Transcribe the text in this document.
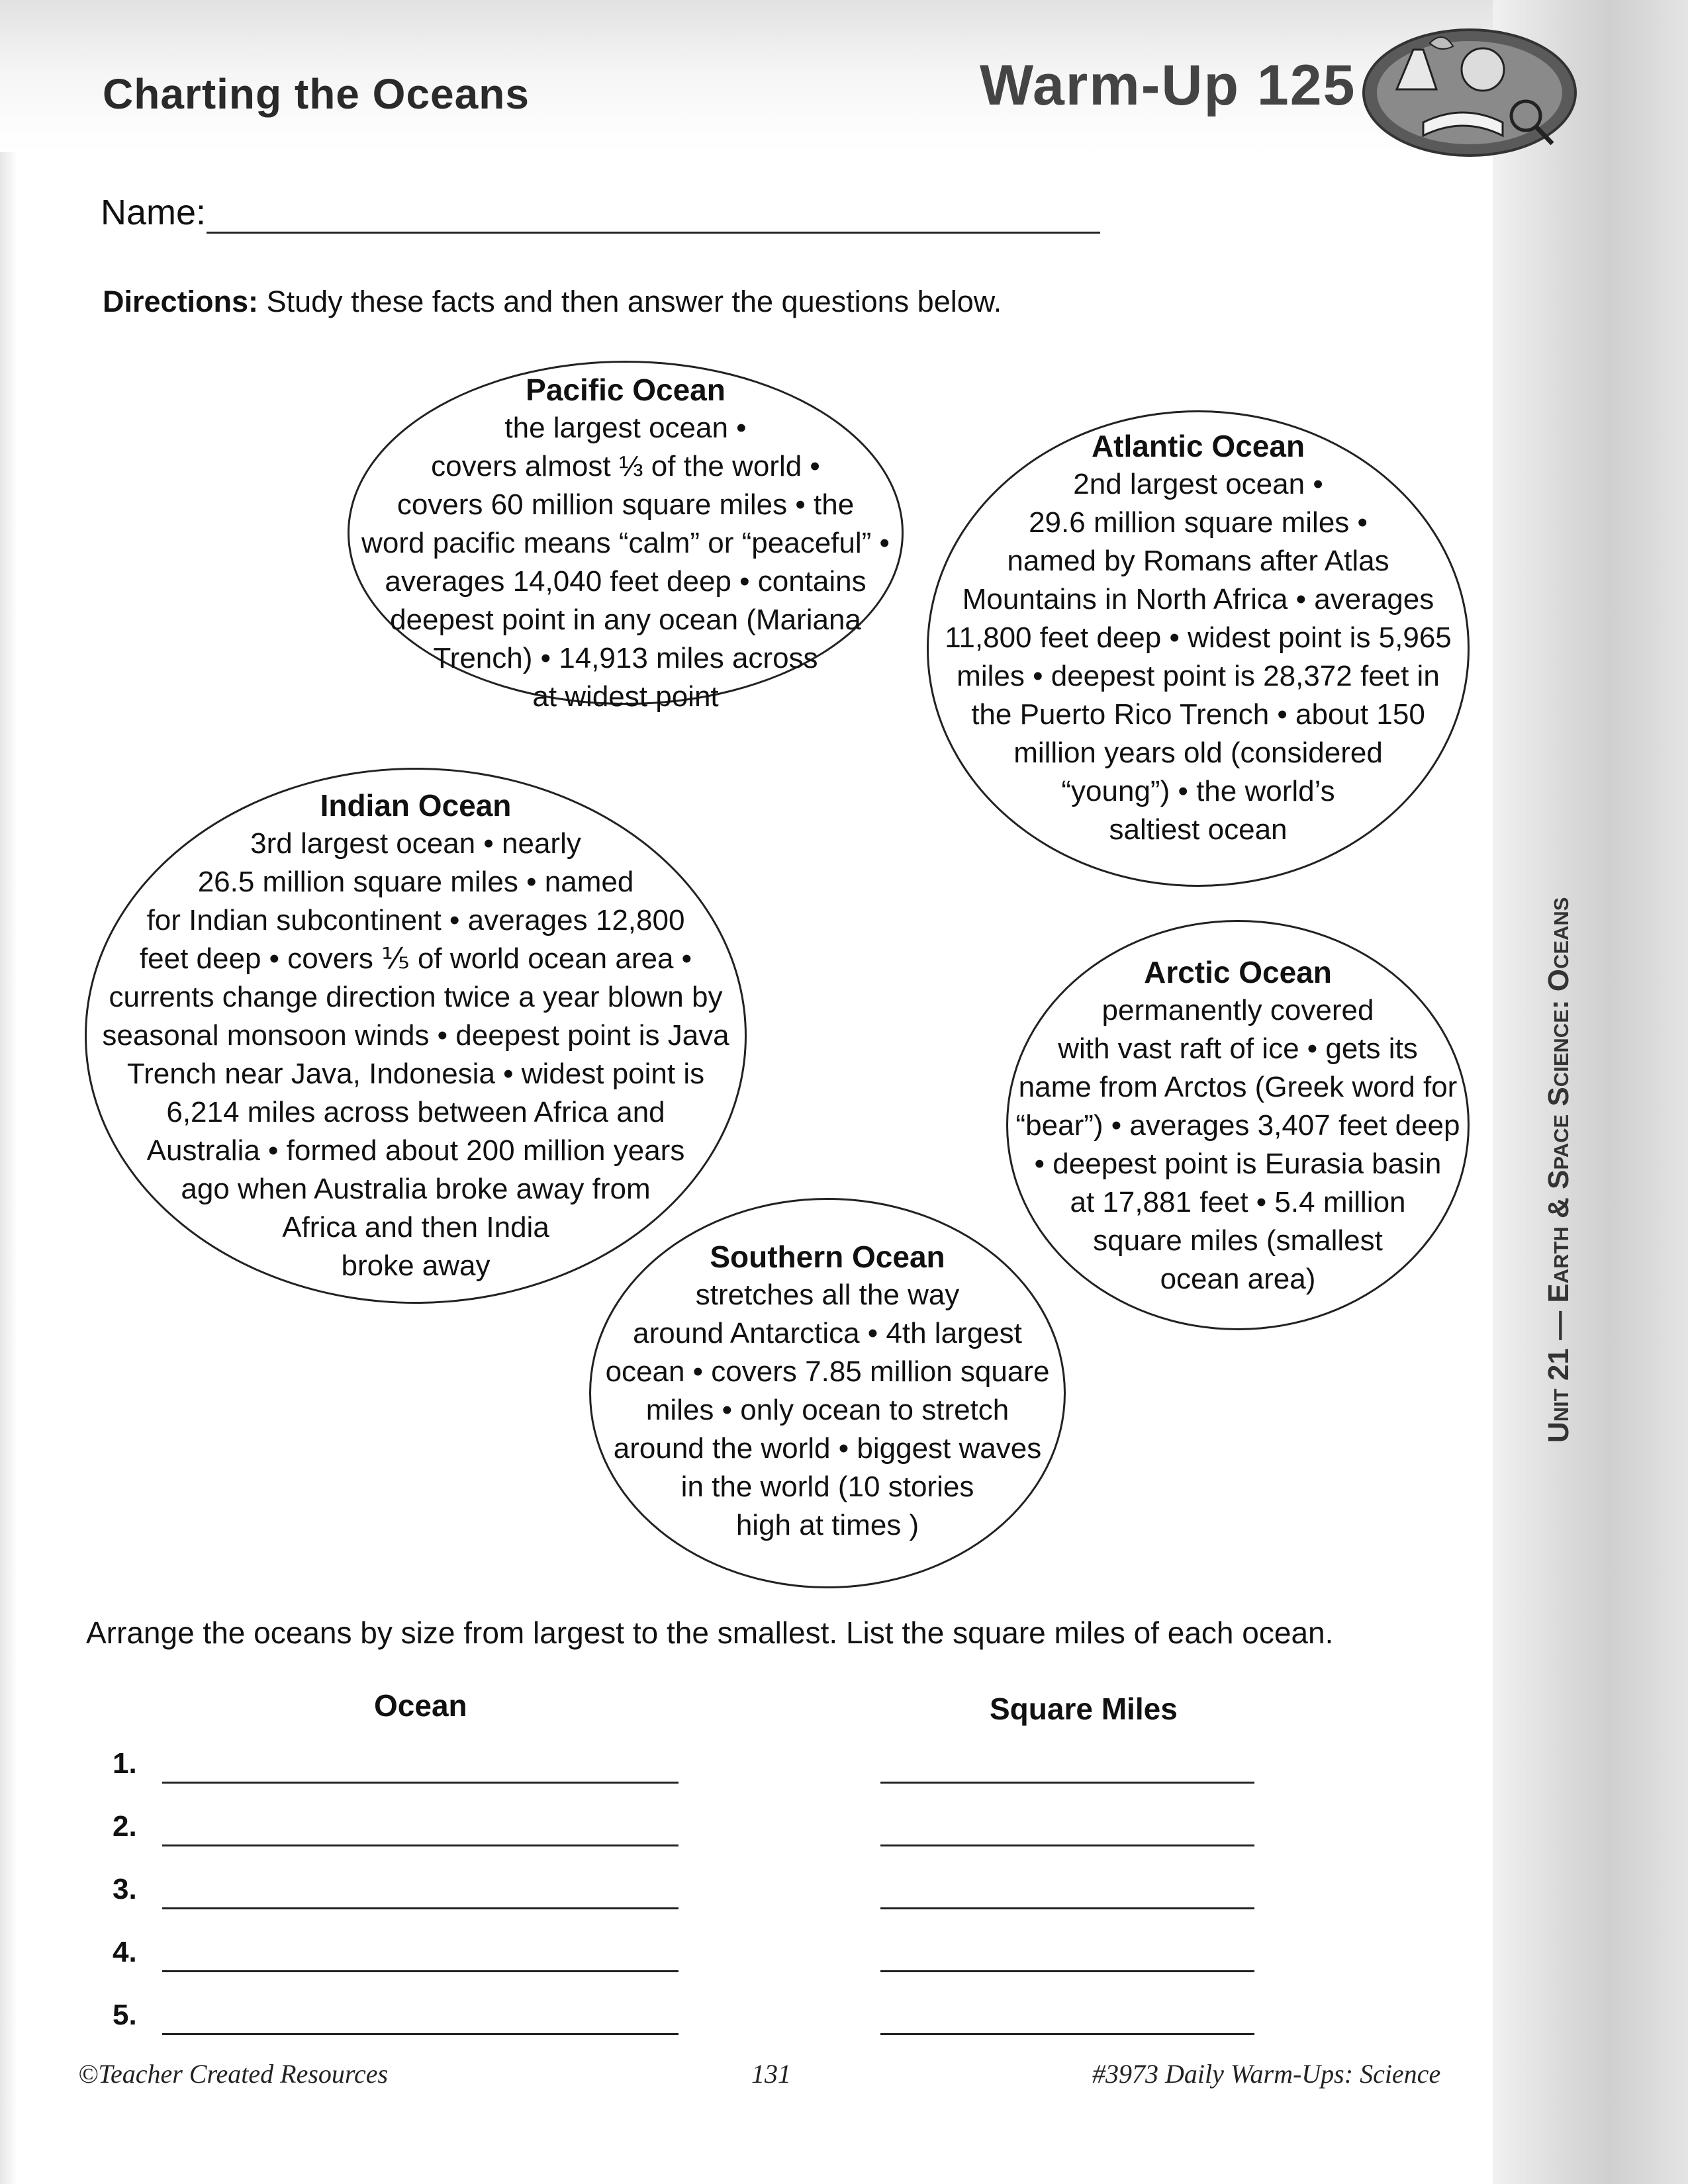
Charting the Oceans	Warm-Up 125
Name:
Directions: Study these facts and then answer the questions below.
Pacific Ocean
the largest ocean •
covers almost ⅓ of the world •
covers 60 million square miles • the
word pacific means “calm” or “peaceful” •
averages 14,040 feet deep • contains
deepest point in any ocean (Mariana
Trench) • 14,913 miles across
at widest point
Atlantic Ocean
2nd largest ocean •
29.6 million square miles •
named by Romans after Atlas
Mountains in North Africa • averages
11,800 feet deep • widest point is 5,965
miles • deepest point is 28,372 feet in
the Puerto Rico Trench • about 150
million years old (considered
“young”) • the world’s
saltiest ocean
Indian Ocean
3rd largest ocean • nearly
26.5 million square miles • named
for Indian subcontinent • averages 12,800
feet deep • covers ⅕ of world ocean area •
currents change direction twice a year blown by
seasonal monsoon winds • deepest point is Java
Trench near Java, Indonesia • widest point is
6,214 miles across between Africa and
Australia • formed about 200 million years
ago when Australia broke away from
Africa and then India
broke away
Arctic Ocean
permanently covered
with vast raft of ice • gets its
name from Arctos (Greek word for
“bear”) • averages 3,407 feet deep
• deepest point is Eurasia basin
at 17,881 feet • 5.4 million
square miles (smallest
ocean area)
Southern Ocean
stretches all the way
around Antarctica • 4th largest
ocean • covers 7.85 million square
miles • only ocean to stretch
around the world • biggest waves
in the world (10 stories
high at times )
Arrange the oceans by size from largest to the smallest. List the square miles of each ocean.
Ocean	Square Miles
1.
2.
3.
4.
5.
©Teacher Created Resources	131	#3973 Daily Warm-Ups: Science
Unit 21 — Earth & Space Science: Oceans
